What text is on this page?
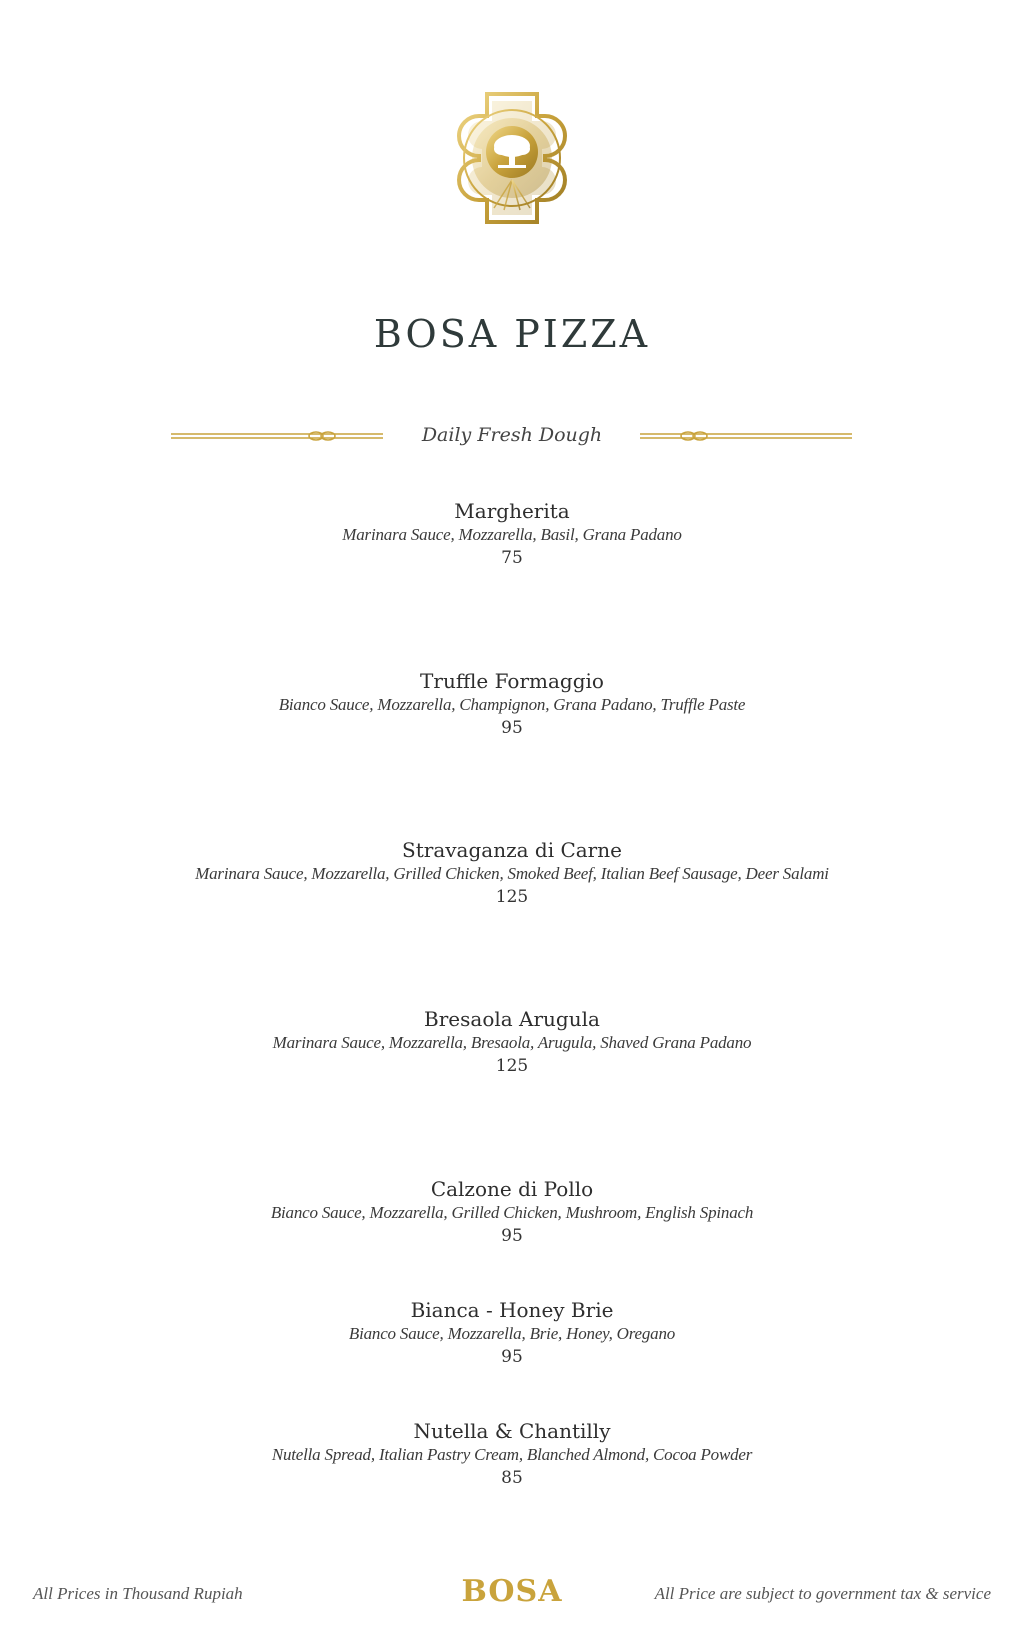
BOSA PIZZA
Daily Fresh Dough
Margherita
Marinara Sauce, Mozzarella, Basil, Grana Padano
75
Truffle Formaggio
Bianco Sauce, Mozzarella, Champignon, Grana Padano, Truffle Paste
95
Stravaganza di Carne
Marinara Sauce, Mozzarella, Grilled Chicken, Smoked Beef, Italian Beef Sausage, Deer Salami
125
Bresaola Arugula
Marinara Sauce, Mozzarella, Bresaola, Arugula, Shaved Grana Padano
125
Calzone di Pollo
Bianco Sauce, Mozzarella, Grilled Chicken, Mushroom, English Spinach
95
Bianca - Honey Brie
Bianco Sauce, Mozzarella, Brie, Honey, Oregano
95
Nutella & Chantilly
Nutella Spread, Italian Pastry Cream, Blanched Almond, Cocoa Powder
85
All Prices in Thousand Rupiah	BOSA	All Price are subject to government tax & service
